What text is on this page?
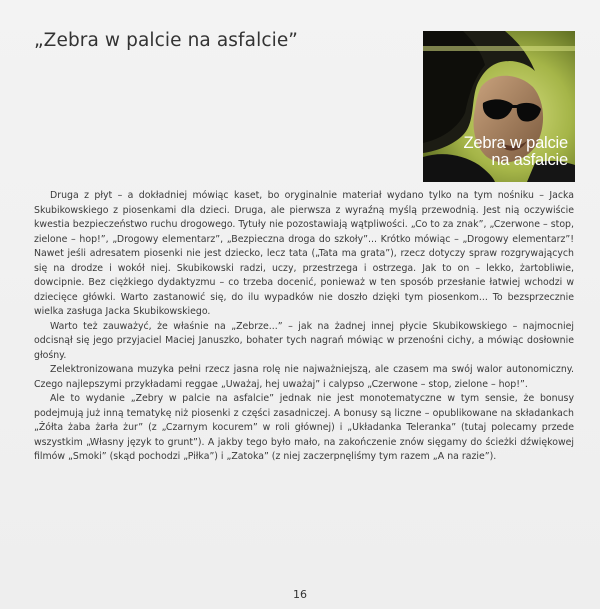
„Zebra w palcie na asfalcie”
Zebra w palcie
na asfalcie

Druga z płyt – a dokładniej mówiąc kaset, bo oryginalnie materiał wydano tylko na tym nośniku – Jacka Skubikowskiego z piosenkami dla dzieci. Druga, ale pierwsza z wyraźną myślą przewodnią. Jest nią oczywiście kwestia bezpieczeństwo ruchu drogowego. Tytuły nie pozostawiają wątpliwości. „Co to za znak”, „Czerwone – stop, zielone – hop!”, „Drogowy elementarz”, „Bezpieczna droga do szkoły”... Krótko mówiąc – „Drogowy elementarz”! Nawet jeśli adresatem piosenki nie jest dziecko, lecz tata („Tata ma grata”), rzecz dotyczy spraw rozgrywających się na drodze i wokół niej. Skubikowski radzi, uczy, przestrzega i ostrzega. Jak to on – lekko, żartobliwie, dowcipnie. Bez ciężkiego dydaktyzmu – co trzeba docenić, ponieważ w ten sposób przesłanie łatwiej wchodzi w dziecięce główki. Warto zastanowić się, do ilu wypadków nie doszło dzięki tym piosenkom... To bezsprzecznie wielka zasługa Jacka Skubikowskiego.

Warto też zauważyć, że właśnie na „Zebrze...” – jak na żadnej innej płycie Skubikowskiego – najmocniej odcisnął się jego przyjaciel Maciej Januszko, bohater tych nagrań mówiąc w przenośni cichy, a mówiąc dosłownie głośny.

Zelektronizowana muzyka pełni rzecz jasna rolę nie najważniejszą, ale czasem ma swój walor autonomiczny. Czego najlepszymi przykładami reggae „Uważaj, hej uważaj” i calypso „Czerwone – stop, zielone – hop!”.

Ale to wydanie „Zebry w palcie na asfalcie” jednak nie jest monotematyczne w tym sensie, że bonusy podejmują już inną tematykę niż piosenki z części zasadniczej. A bonusy są liczne – opublikowane na składankach „Żółta żaba żarła żur” (z „Czarnym kocurem” w roli głównej) i „Układanka Teleranka” (tutaj polecamy przede wszystkim „Własny język to grunt”). A jakby tego było mało, na zakończenie znów sięgamy do ścieżki dźwiękowej filmów „Smoki” (skąd pochodzi „Piłka”) i „Zatoka” (z niej zaczerpnęliśmy tym razem „A na razie”).

16
